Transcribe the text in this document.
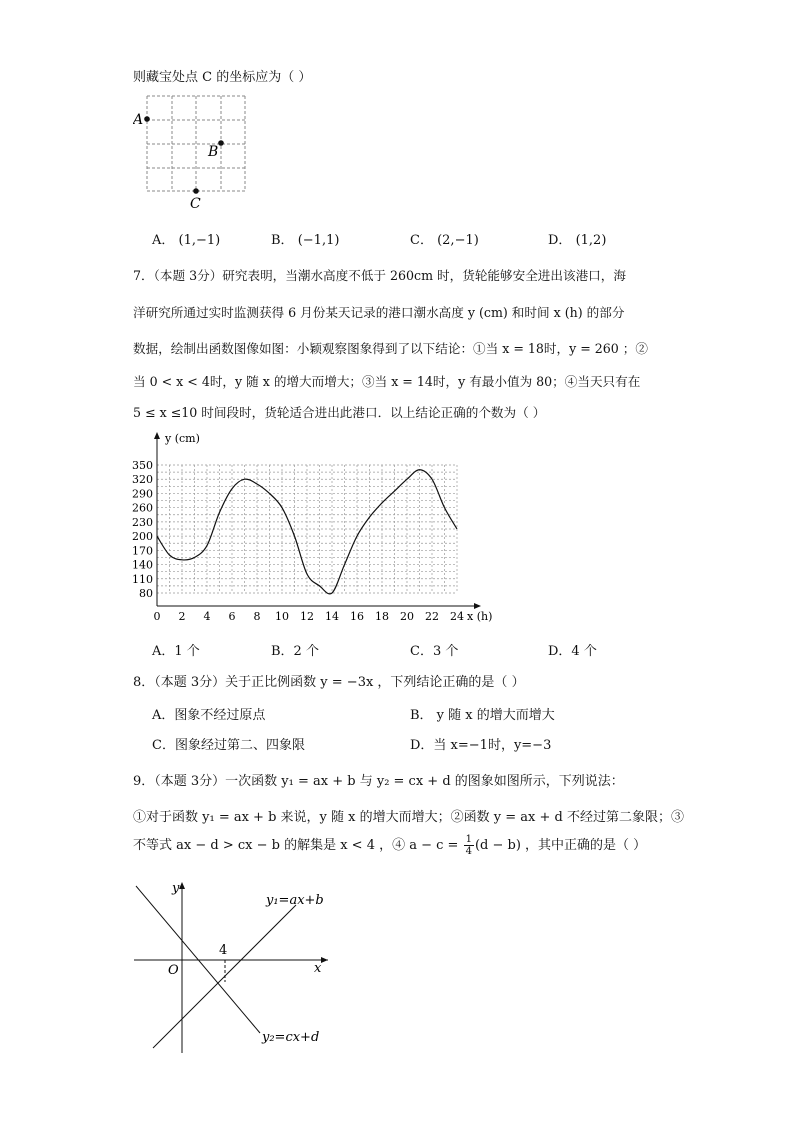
则藏宝处点 C 的坐标应为（ ）
A
B
C
A． (1,−1)	B． (−1,1)	C． (2,−1)	D． (1,2)
7．（本题 3分）研究表明，当潮水高度不低于 260cm 时，货轮能够安全进出该港口，海
洋研究所通过实时监测获得 6 月份某天记录的港口潮水高度 y (cm) 和时间 x (h) 的部分
数据，绘制出函数图像如图：小颖观察图象得到了以下结论：①当 x = 18时，y = 260 ；②
当 0 < x < 4时，y 随 x 的增大而增大；③当 x = 14时，y 有最小值为 80；④当天只有在
5 ≤ x ≤10 时间段时，货轮适合进出此港口．以上结论正确的个数为（ ）
y (cm)
x (h)
0 2 4 6 8 10 12 14 16 18 20 22 24
80
110
140
170
200
230
260
290
320
350
A．1 个	B．2 个	C．3 个	D．4 个
8．（本题 3分）关于正比例函数 y = −3x ，下列结论正确的是（ ）
A．图象不经过原点	B． y 随 x 的增大而增大
C．图象经过第二、四象限	D．当 x=−1时，y=−3
9．（本题 3分）一次函数 y₁ = ax + b 与 y₂ = cx + d 的图象如图所示，下列说法：
①对于函数 y₁ = ax + b 来说，y 随 x 的增大而增大；②函数 y = ax + d 不经过第二象限；③
不等式 ax − d > cx − b 的解集是 x < 4 ，④ $a - c = \frac{1}{4} (d - b)$ ，其中正确的是（ ）
4
O
y
x
y₁=ax+b
y₂=cx+d
